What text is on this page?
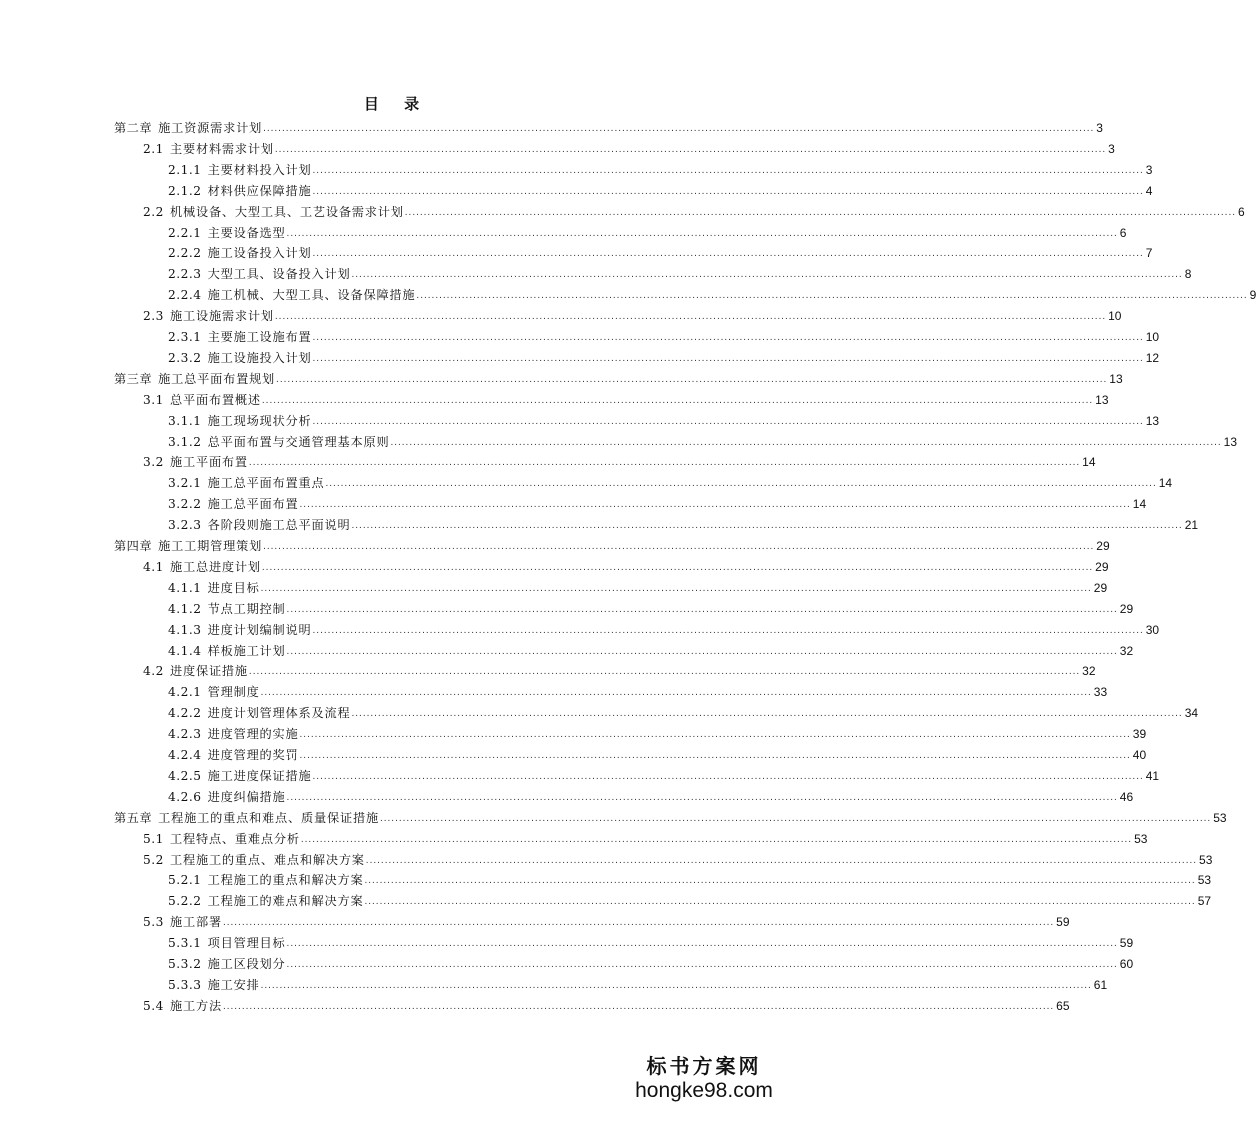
目 录
第二章
  施工资源需求计划 ............................................................................................................................................................................................................................ 3
2.1
  主要材料需求计划 ............................................................................................................................................................................................................................ 3
2.1.1
  主要材料投入计划 ............................................................................................................................................................................................................................ 3
2.1.2
  材料供应保障措施 ............................................................................................................................................................................................................................ 4
2.2
  机械设备、大型工具、工艺设备需求计划 ............................................................................................................................................................................................................................ 6
2.2.1
  主要设备选型 ............................................................................................................................................................................................................................ 6
2.2.2
  施工设备投入计划 ............................................................................................................................................................................................................................ 7
2.2.3
  大型工具、设备投入计划 ............................................................................................................................................................................................................................ 8
2.2.4
  施工机械、大型工具、设备保障措施 ............................................................................................................................................................................................................................ 9
2.3
  施工设施需求计划 ............................................................................................................................................................................................................................ 10
2.3.1
  主要施工设施布置 ............................................................................................................................................................................................................................ 10
2.3.2
  施工设施投入计划 ............................................................................................................................................................................................................................ 12
第三章
  施工总平面布置规划 ............................................................................................................................................................................................................................ 13
3.1
  总平面布置概述 ............................................................................................................................................................................................................................ 13
3.1.1
  施工现场现状分析 ............................................................................................................................................................................................................................ 13
3.1.2
  总平面布置与交通管理基本原则 ............................................................................................................................................................................................................................ 13
3.2
  施工平面布置 ............................................................................................................................................................................................................................ 14
3.2.1
  施工总平面布置重点 ............................................................................................................................................................................................................................ 14
3.2.2
  施工总平面布置 ............................................................................................................................................................................................................................ 14
3.2.3
  各阶段则施工总平面说明 ............................................................................................................................................................................................................................ 21
第四章
  施工工期管理策划 ............................................................................................................................................................................................................................ 29
4.1
  施工总进度计划 ............................................................................................................................................................................................................................ 29
4.1.1
  进度目标 ............................................................................................................................................................................................................................ 29
4.1.2
  节点工期控制 ............................................................................................................................................................................................................................ 29
4.1.3
  进度计划编制说明 ............................................................................................................................................................................................................................ 30
4.1.4
  样板施工计划 ............................................................................................................................................................................................................................ 32
4.2
  进度保证措施 ............................................................................................................................................................................................................................ 32
4.2.1
  管理制度 ............................................................................................................................................................................................................................ 33
4.2.2
  进度计划管理体系及流程 ............................................................................................................................................................................................................................ 34
4.2.3
  进度管理的实施 ............................................................................................................................................................................................................................ 39
4.2.4
  进度管理的奖罚 ............................................................................................................................................................................................................................ 40
4.2.5
  施工进度保证措施 ............................................................................................................................................................................................................................ 41
4.2.6
  进度纠偏措施 ............................................................................................................................................................................................................................ 46
第五章
  工程施工的重点和难点、质量保证措施 ............................................................................................................................................................................................................................ 53
5.1
  工程特点、重难点分析 ............................................................................................................................................................................................................................ 53
5.2
  工程施工的重点、难点和解决方案 ............................................................................................................................................................................................................................ 53
5.2.1
  工程施工的重点和解决方案 ............................................................................................................................................................................................................................ 53
5.2.2
  工程施工的难点和解决方案 ............................................................................................................................................................................................................................ 57
5.3
  施工部署 ............................................................................................................................................................................................................................ 59
5.3.1
  项目管理目标 ............................................................................................................................................................................................................................ 59
5.3.2
  施工区段划分 ............................................................................................................................................................................................................................ 60
5.3.3
  施工安排 ............................................................................................................................................................................................................................ 61
5.4
  施工方法 ............................................................................................................................................................................................................................ 65
标书方案网
hongke98.com
